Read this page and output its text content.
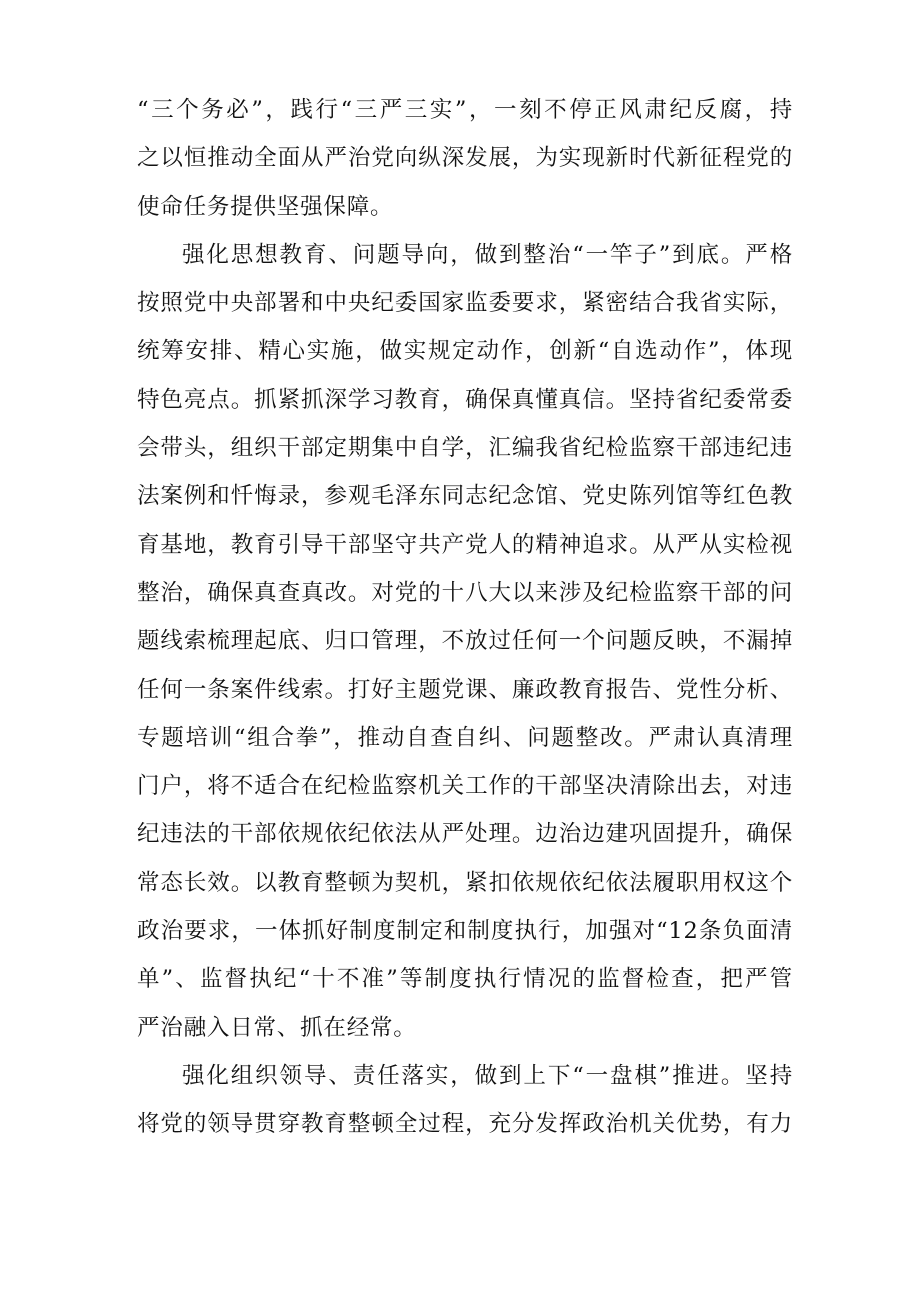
“三个务必”，践行“三严三实”，一刻不停正风肃纪反腐，持
之以恒推动全面从严治党向纵深发展，为实现新时代新征程党的
使命任务提供坚强保障。
强化思想教育、问题导向，做到整治“一竿子”到底。严格
按照党中央部署和中央纪委国家监委要求，紧密结合我省实际，
统筹安排、精心实施，做实规定动作，创新“自选动作”，体现
特色亮点。抓紧抓深学习教育，确保真懂真信。坚持省纪委常委
会带头，组织干部定期集中自学，汇编我省纪检监察干部违纪违
法案例和忏悔录，参观毛泽东同志纪念馆、党史陈列馆等红色教
育基地，教育引导干部坚守共产党人的精神追求。从严从实检视
整治，确保真查真改。对党的十八大以来涉及纪检监察干部的问
题线索梳理起底、归口管理，不放过任何一个问题反映，不漏掉
任何一条案件线索。打好主题党课、廉政教育报告、党性分析、
专题培训“组合拳”，推动自查自纠、问题整改。严肃认真清理
门户，将不适合在纪检监察机关工作的干部坚决清除出去，对违
纪违法的干部依规依纪依法从严处理。边治边建巩固提升，确保
常态长效。以教育整顿为契机，紧扣依规依纪依法履职用权这个
政治要求，一体抓好制度制定和制度执行，加强对“12条负面清
单”、监督执纪“十不准”等制度执行情况的监督检查，把严管
严治融入日常、抓在经常。
强化组织领导、责任落实，做到上下“一盘棋”推进。坚持
将党的领导贯穿教育整顿全过程，充分发挥政治机关优势，有力
